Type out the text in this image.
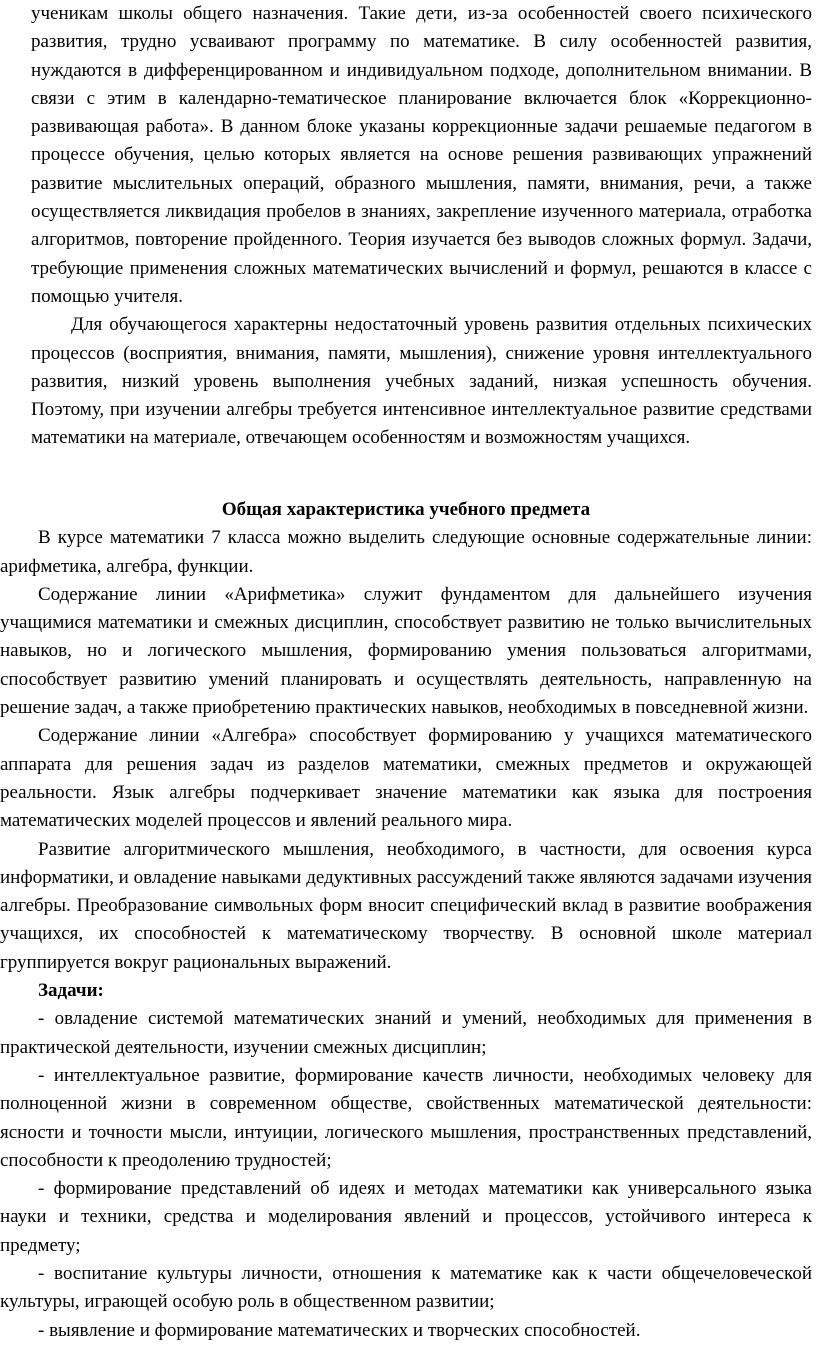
ученикам школы общего назначения. Такие дети, из-за особенностей своего психического развития, трудно усваивают программу по математике. В силу особенностей развития, нуждаются в дифференцированном и индивидуальном подходе, дополнительном внимании. В связи с этим в календарно-тематическое планирование включается блок «Коррекционно-развивающая работа». В данном блоке указаны коррекционные задачи решаемые педагогом в процессе обучения, целью которых является на основе решения развивающих упражнений развитие мыслительных операций, образного мышления, памяти, внимания, речи, а также осуществляется ликвидация пробелов в знаниях, закрепление изученного материала, отработка алгоритмов, повторение пройденного. Теория изучается без выводов сложных формул. Задачи, требующие применения сложных математических вычислений и формул, решаются в классе с помощью учителя.

Для обучающегося характерны недостаточный уровень развития отдельных психических процессов (восприятия, внимания, памяти, мышления), снижение уровня интеллектуального развития, низкий уровень выполнения учебных заданий, низкая успешность обучения. Поэтому, при изучении алгебры требуется интенсивное интеллектуальное развитие средствами математики на материале, отвечающем особенностям и возможностям учащихся.

Общая характеристика учебного предмета

В курсе математики 7 класса можно выделить следующие основные содержательные линии: арифметика, алгебра, функции.

Содержание линии «Арифметика» служит фундаментом для дальнейшего изучения учащимися математики и смежных дисциплин, способствует развитию не только вычислительных навыков, но и логического мышления, формированию умения пользоваться алгоритмами, способствует развитию умений планировать и осуществлять деятельность, направленную на решение задач, а также приобретению практических навыков, необходимых в повседневной жизни.

Содержание линии «Алгебра» способствует формированию у учащихся математического аппарата для решения задач из разделов математики, смежных предметов и окружающей реальности. Язык алгебры подчеркивает значение математики как языка для построения математических моделей процессов и явлений реального мира.

Развитие алгоритмического мышления, необходимого, в частности, для освоения курса информатики, и овладение навыками дедуктивных рассуждений также являются задачами изучения алгебры. Преобразование символьных форм вносит специфический вклад в развитие воображения учащихся, их способностей к математическому творчеству. В основной школе материал группируется вокруг рациональных выражений.

Задачи:

- овладение системой математических знаний и умений, необходимых для применения в практической деятельности, изучении смежных дисциплин;

- интеллектуальное развитие, формирование качеств личности, необходимых человеку для полноценной жизни в современном обществе, свойственных математической деятельности: ясности и точности мысли, интуиции, логического мышления, пространственных представлений, способности к преодолению трудностей;

- формирование представлений об идеях и методах математики как универсального языка науки и техники, средства и моделирования явлений и процессов, устойчивого интереса к предмету;

- воспитание культуры личности, отношения к математике как к части общечеловеческой культуры, играющей особую роль в общественном развитии;

- выявление и формирование математических и творческих способностей.
